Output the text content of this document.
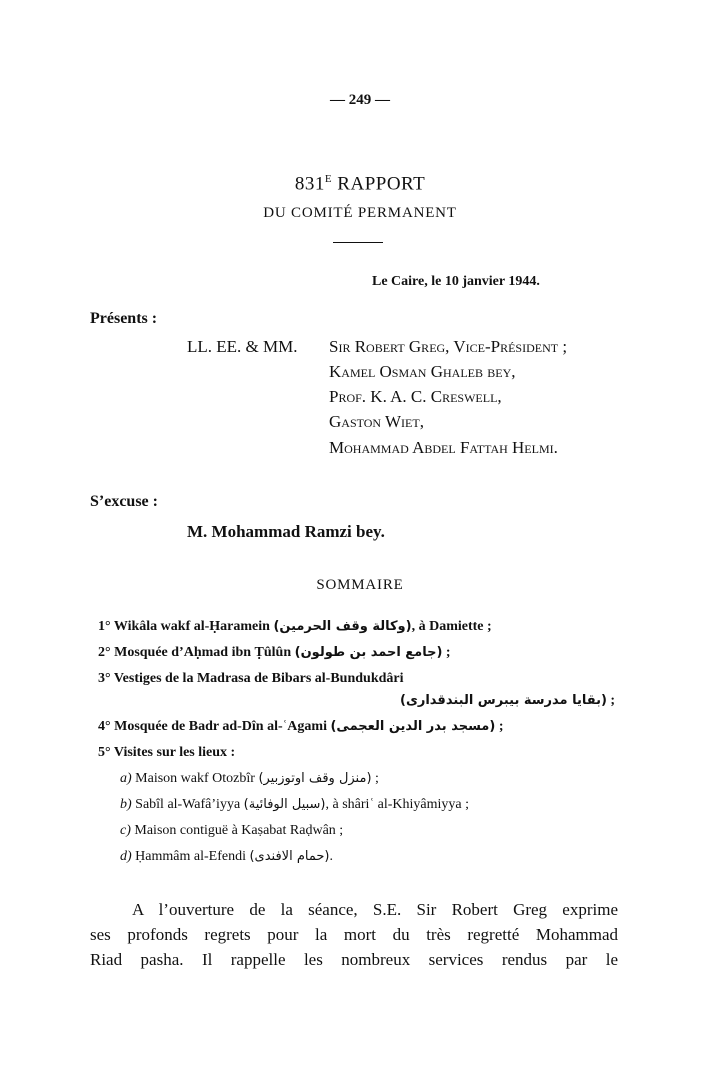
— 249 —
$831^E$ RAPPORT
DU COMITÉ PERMANENT
Le Caire, le 10 janvier 1944.
Présents :
LL. EE. & MM. Sir Robert Greg, Vice-Président ;
Kamel Osman Ghaleb bey,
Prof. K. A. C. Creswell,
Gaston Wiet,
Mohammad Abdel Fattah Helmi.
S’excuse :
M. Mohammad Ramzi bey.
SOMMAIRE
1° Wikâla wakf al-Ḥaramein (وكالة وقف الحرمين), à Damiette ;
2° Mosquée d’Aḥmad ibn Ṭûlûn (جامع احمد بن طولون) ;
3° Vestiges de la Madrasa de Bibars al-Bundukdâri
(بقايا مدرسة بيبرس البندقدارى) ;
4° Mosquée de Badr ad-Dîn al-ʿAgami (مسجد بدر الدين العجمى) ;
5° Visites sur les lieux :
a) Maison wakf Otozbîr (منزل وقف اوتوزبير) ;
b) Sabîl al-Wafâ’iyya (سبيل الوفائية), à shâriʿ al-Khiyâmiyya ;
c) Maison contiguë à Kaṣabat Raḍwân ;
d) Ḥammâm al-Efendi (حمام الافندى).
A l’ouverture de la séance, S.E. Sir Robert Greg exprime
ses profonds regrets pour la mort du très regretté Mohammad
Riad pasha. Il rappelle les nombreux services rendus par le
